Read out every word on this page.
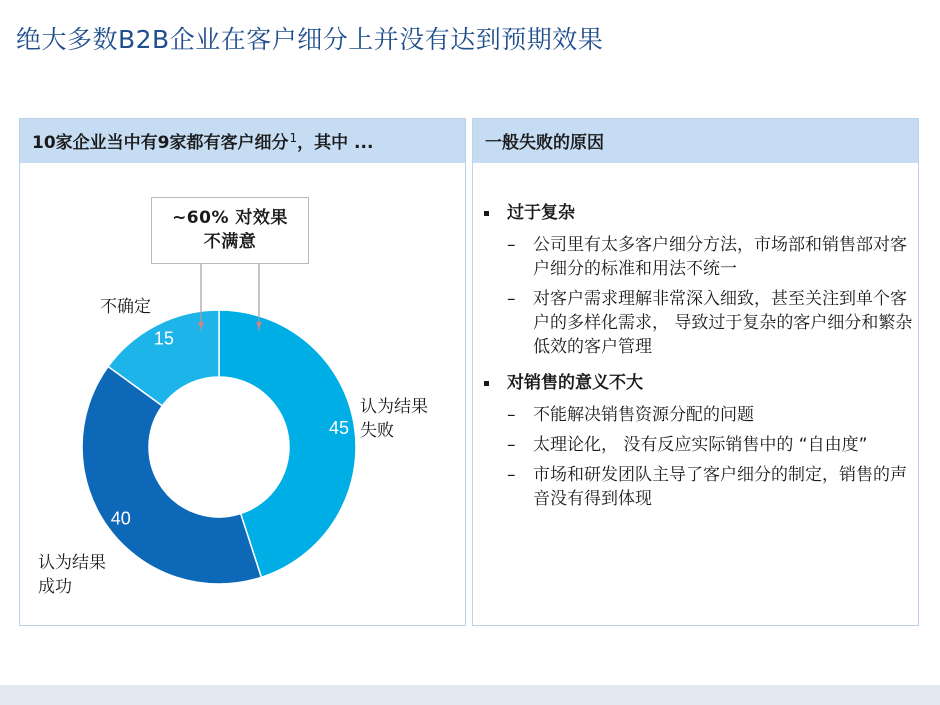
绝大多数B2B企业在客户细分上并没有达到预期效果
10家企业当中有9家都有客户细分$^1$，其中 ...
45
40
15
~60% 对效果
不满意
不确定
认为结果
失败
认为结果
成功
一般失败的原因
过于复杂
– 公司里有太多客户细分方法，市场部和销售部对客户细分的标准和用法不统一
– 对客户需求理解非常深入细致，甚至关注到单个客户的多样化需求， 导致过于复杂的客户细分和繁杂低效的客户管理
对销售的意义不大
– 不能解决销售资源分配的问题
– 太理论化， 没有反应实际销售中的 “自由度”
– 市场和研发团队主导了客户细分的制定，销售的声音没有得到体现
